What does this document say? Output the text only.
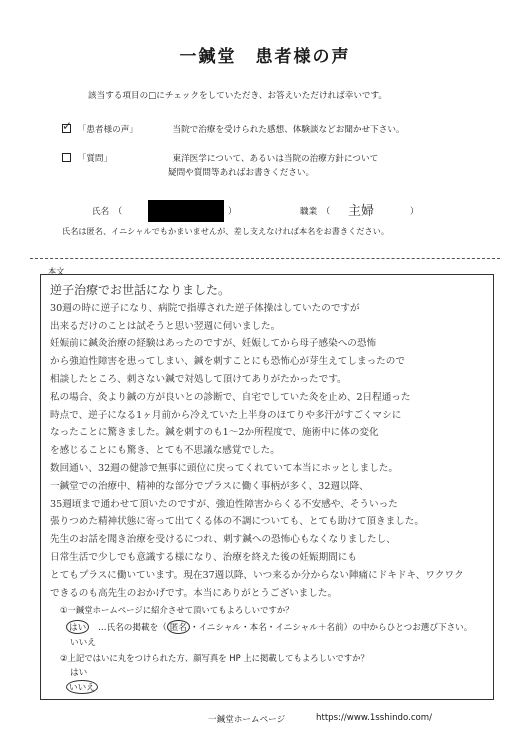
一鍼堂　患者様の声
該当する項目の□にチェックをしていただき、お答えいただければ幸いです。
✓ 「患者様の声」	当院で治療を受けられた感想、体験談などお聞かせ下さい。
「質問」	東洋医学について、あるいは当院の治療方針について
疑問や質問等あればお書きください。
氏名　（	）	職業　（ 主婦	）
氏名は匿名、イニシャルでもかまいませんが、差し支えなければ本名をお書きください。
本文
逆子治療でお世話になりました。
30週の時に逆子になり、病院で指導された逆子体操はしていたのですが
出来るだけのことは試そうと思い翌週に伺いました。
妊娠前に鍼灸治療の経験はあったのですが、妊娠してから母子感染への恐怖
から強迫性障害を患ってしまい、鍼を刺すことにも恐怖心が芽生えてしまったので
相談したところ、刺さない鍼で対処して頂けてありがたかったです。
私の場合、灸より鍼の方が良いとの診断で、自宅でしていた灸を止め、2日程通った
時点で、逆子になる1ヶ月前から冷えていた上半身のほてりや多汗がすごくマシに
なったことに驚きました。鍼を刺すのも1〜2か所程度で、施術中に体の変化
を感じることにも驚き、とても不思議な感覚でした。
数回通い、32週の健診で無事に頭位に戻ってくれていて本当にホッとしました。
一鍼堂での治療中、精神的な部分でプラスに働く事柄が多く、32週以降、
35週頃まで通わせて頂いたのですが、強迫性障害からくる不安感や、そういった
張りつめた精神状態に寄って出てくる体の不調についても、とても助けて頂きました。
先生のお話を聞き治療を受けるにつれ、刺す鍼への恐怖心もなくなりましたし、
日常生活で少しでも意識する様になり、治療を終えた後の妊娠期間にも
とてもプラスに働いています。現在37週以降、いつ来るか分からない陣痛にドキドキ、ワクワク
できるのも高先生のおかげです。本当にありがとうございました。
①一鍼堂ホームページに紹介させて頂いてもよろしいですか？
はい	…氏名の掲載を（ 匿名 ・イニシャル・本名・イニシャル＋名前）の中からひとつお選び下さい。
いいえ
②上記ではいに丸をつけられた方、顔写真を HP 上に掲載してもよろしいですか？
はい
いいえ
一鍼堂ホームページ	https://www.1sshindo.com/
